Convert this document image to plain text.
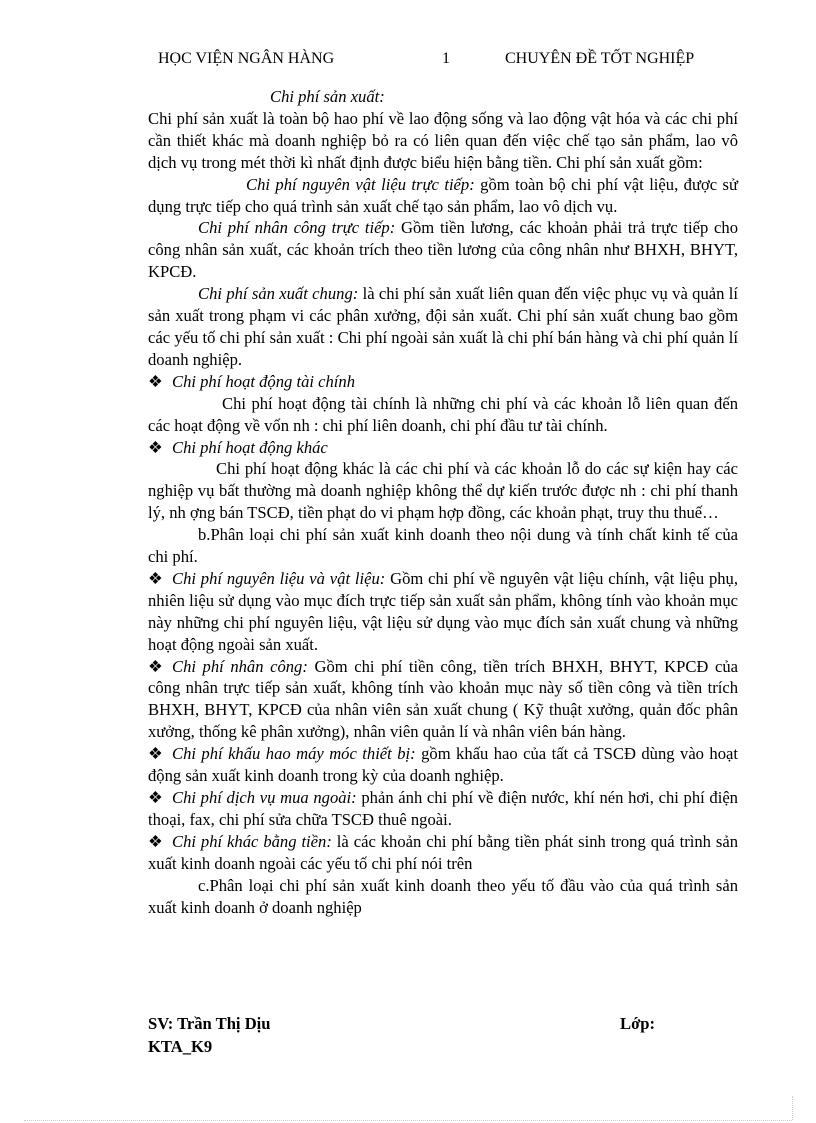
HỌC VIỆN NGÂN HÀNG	1	CHUYÊN ĐỀ TỐT NGHIỆP

Chi phí sản xuất:

Chi phí sản xuất là toàn bộ hao phí về lao động sống và lao động vật hóa và các chi phí cần thiết khác mà doanh nghiệp bỏ ra có liên quan đến việc chế tạo sản phẩm, lao vô dịch vụ trong mét thời kì nhất định được biểu hiện bằng tiền. Chi phí sản xuất gồm:

Chi phí nguyên vật liệu trực tiếp: gồm toàn bộ chi phí vật liệu, được sử dụng trực tiếp cho quá trình sản xuất chế tạo sản phẩm, lao vô dịch vụ.

Chi phí nhân công trực tiếp: Gồm tiền lương, các khoản phải trả trực tiếp cho công nhân sản xuất, các khoản trích theo tiền lương của công nhân như BHXH, BHYT, KPCĐ.

Chi phí sản xuất chung: là chi phí sản xuất liên quan đến việc phục vụ và quản lí sản xuất trong phạm vi các phân xưởng, đội sản xuất. Chi phí sản xuất chung bao gồm các yếu tố chi phí sản xuất : Chi phí ngoài sản xuất là chi phí bán hàng và chi phí quản lí doanh nghiệp.

❖ Chi phí hoạt động tài chính

Chi phí hoạt động tài chính là những chi phí và các khoản lỗ liên quan đến các hoạt động về vốn nh : chi phí liên doanh, chi phí đầu tư tài chính.

❖ Chi phí hoạt động khác

Chi phí hoạt động khác là các chi phí và các khoản lỗ do các sự kiện hay các nghiệp vụ bất thường mà doanh nghiệp không thể dự kiến trước được nh : chi phí thanh lý, nh ợng bán TSCĐ, tiền phạt do vi phạm hợp đồng, các khoản phạt, truy thu thuế…

b.Phân loại chi phí sản xuất kinh doanh theo nội dung và tính chất kinh tế của chi phí.

❖ Chi phí nguyên liệu và vật liệu: Gồm chi phí về nguyên vật liệu chính, vật liệu phụ, nhiên liệu sử dụng vào mục đích trực tiếp sản xuất sản phẩm, không tính vào khoản mục này những chi phí nguyên liệu, vật liệu sử dụng vào mục đích sản xuất chung và những hoạt động ngoài sản xuất.

❖ Chi phí nhân công: Gồm chi phí tiền công, tiền trích BHXH, BHYT, KPCĐ của công nhân trực tiếp sản xuất, không tính vào khoản mục này số tiền công và tiền trích BHXH, BHYT, KPCĐ của nhân viên sản xuất chung ( Kỹ thuật xưởng, quản đốc phân xưởng, thống kê phân xưởng), nhân viên quản lí và nhân viên bán hàng.

❖ Chi phí khấu hao máy móc thiết bị: gồm khấu hao của tất cả TSCĐ dùng vào hoạt động sản xuất kinh doanh trong kỳ của doanh nghiệp.

❖ Chi phí dịch vụ mua ngoài: phản ánh chi phí về điện nước, khí nén hơi, chi phí điện thoại, fax, chi phí sửa chữa TSCĐ thuê ngoài.

❖ Chi phí khác bằng tiền: là các khoản chi phí bằng tiền phát sinh trong quá trình sản xuất kinh doanh ngoài các yếu tố chi phí nói trên

c.Phân loại chi phí sản xuất kinh doanh theo yếu tố đầu vào của quá trình sản xuất kinh doanh ở doanh nghiệp

SV: Trần Thị Dịu	Lớp:
KTA_K9
